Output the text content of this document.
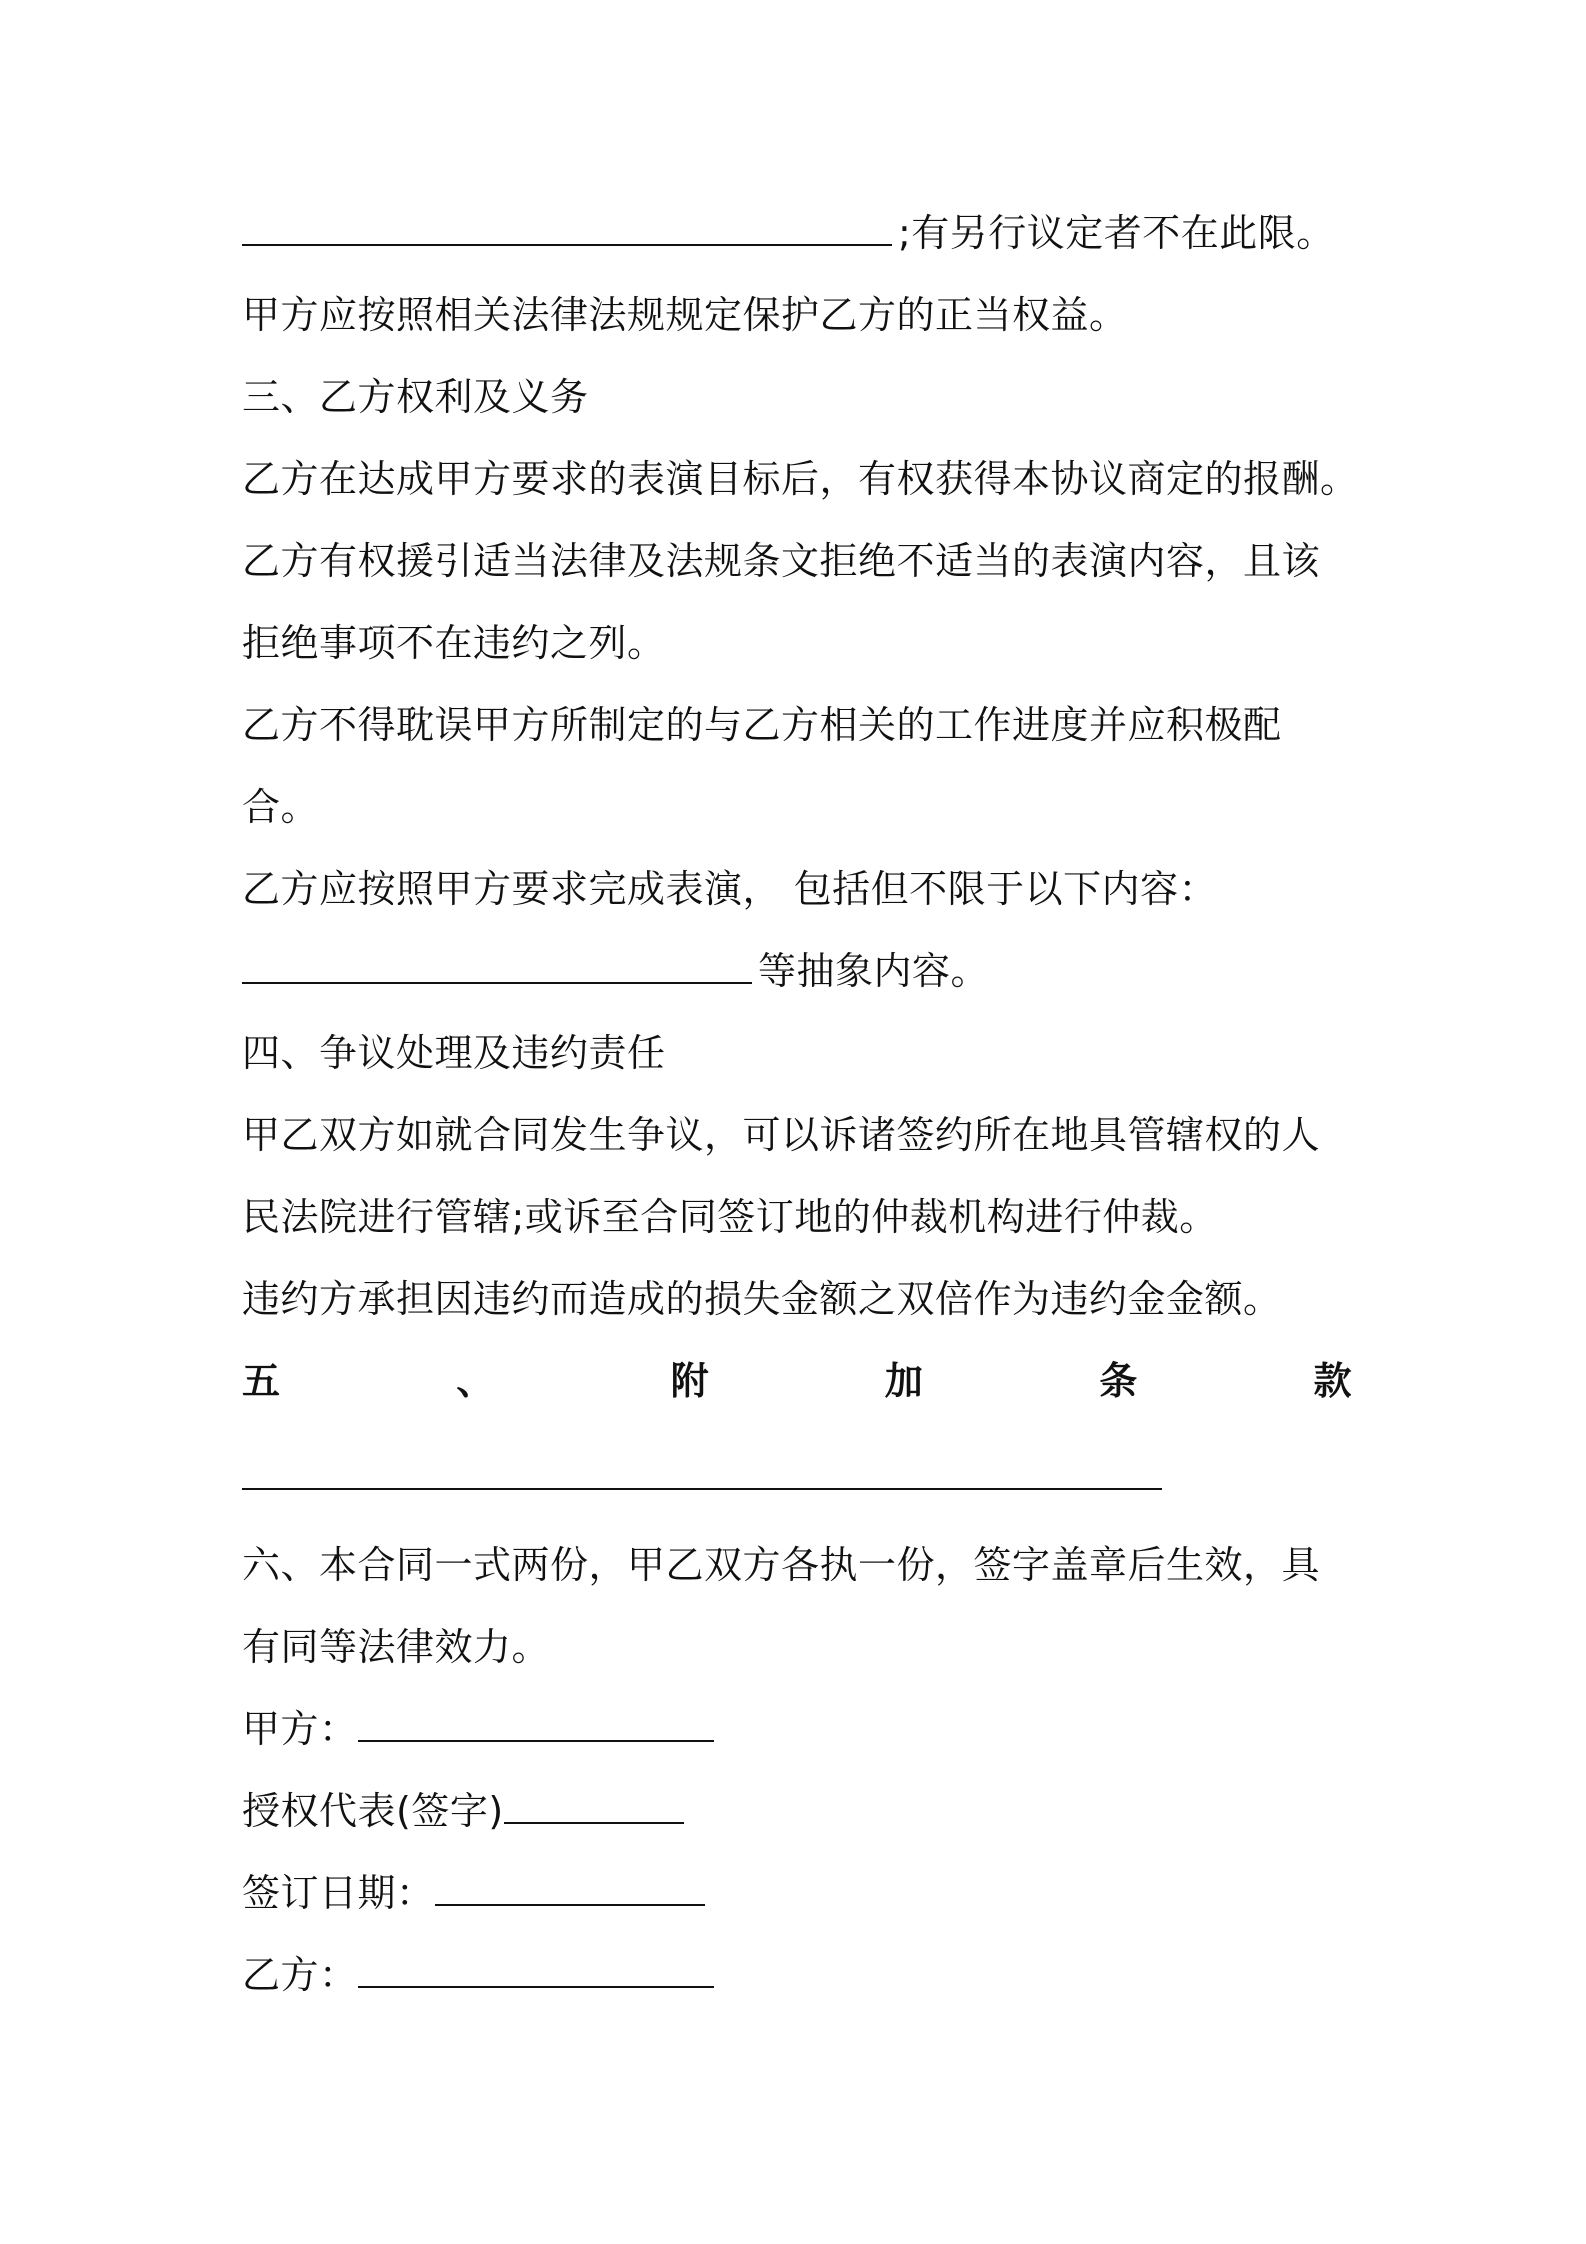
;有另行议定者不在此限。
甲方应按照相关法律法规规定保护乙方的正当权益。
三、乙方权利及义务
乙方在达成甲方要求的表演目标后，有权获得本协议商定的报酬。
乙方有权援引适当法律及法规条文拒绝不适当的表演内容，且该
拒绝事项不在违约之列。
乙方不得耽误甲方所制定的与乙方相关的工作进度并应积极配
合。
乙方应按照甲方要求完成表演， 包括但不限于以下内容：
等抽象内容。
四、争议处理及违约责任
甲乙双方如就合同发生争议，可以诉诸签约所在地具管辖权的人
民法院进行管辖;或诉至合同签订地的仲裁机构进行仲裁。
违约方承担因违约而造成的损失金额之双倍作为违约金金额。
五	、	附	加	条	款
六、本合同一式两份，甲乙双方各执一份，签字盖章后生效，具
有同等法律效力。
甲方：
授权代表(签字)
签订日期：
乙方：
